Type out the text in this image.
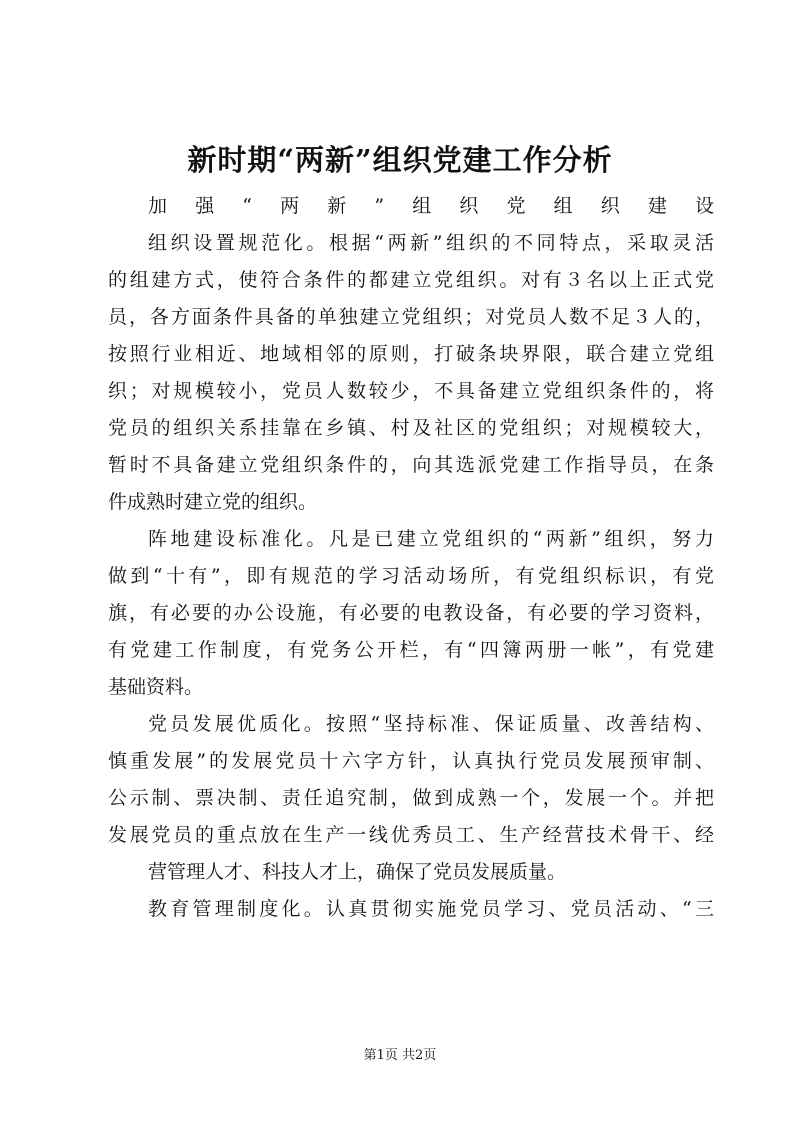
新时期“两新”组织党建工作分析
加强“两新”组织党组织建设
组织设置规范化。根据“两新”组织的不同特点，采取灵活
的组建方式，使符合条件的都建立党组织。对有３名以上正式党
员，各方面条件具备的单独建立党组织；对党员人数不足３人的，
按照行业相近、地域相邻的原则，打破条块界限，联合建立党组
织；对规模较小，党员人数较少，不具备建立党组织条件的，将
党员的组织关系挂靠在乡镇、村及社区的党组织；对规模较大，
暂时不具备建立党组织条件的，向其选派党建工作指导员，在条
件成熟时建立党的组织。
阵地建设标准化。凡是已建立党组织的“两新”组织，努力
做到“十有”，即有规范的学习活动场所，有党组织标识，有党
旗，有必要的办公设施，有必要的电教设备，有必要的学习资料，
有党建工作制度，有党务公开栏，有“四簿两册一帐”，有党建
基础资料。
党员发展优质化。按照“坚持标准、保证质量、改善结构、
慎重发展”的发展党员十六字方针，认真执行党员发展预审制、
公示制、票决制、责任追究制，做到成熟一个，发展一个。并把
发展党员的重点放在生产一线优秀员工、生产经营技术骨干、经
营管理人才、科技人才上，确保了党员发展质量。
教育管理制度化。认真贯彻实施党员学习、党员活动、“三
第1页 共2页
